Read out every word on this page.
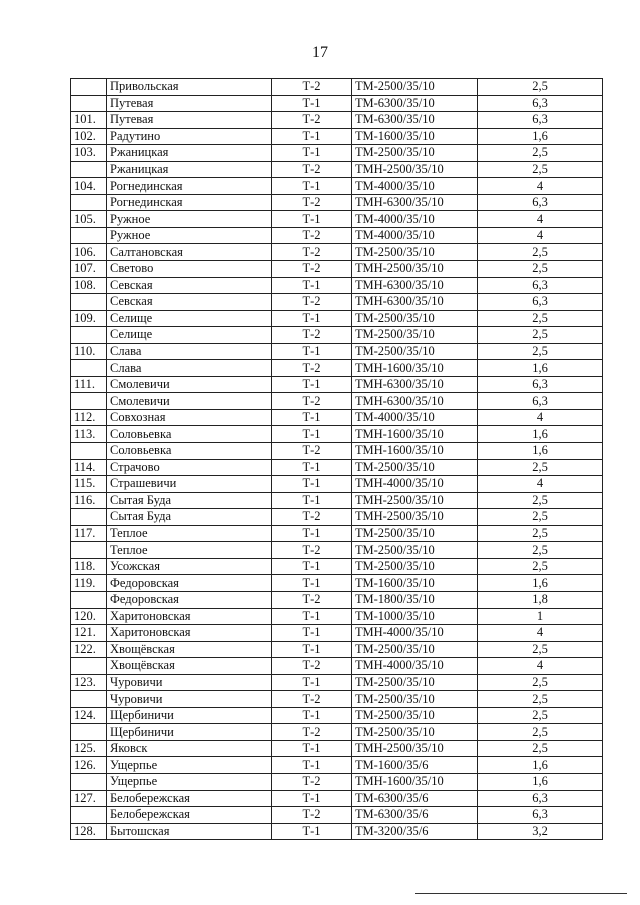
17
	Привольская	Т-2	ТМ-2500/35/10	2,5
	Путевая	Т-1	ТМ-6300/35/10	6,3
101.	Путевая	Т-2	ТМ-6300/35/10	6,3
102.	Радутино	Т-1	ТМ-1600/35/10	1,6
103.	Ржаницкая	Т-1	ТМ-2500/35/10	2,5
	Ржаницкая	Т-2	ТМН-2500/35/10	2,5
104.	Рогнединская	Т-1	ТМ-4000/35/10	4
	Рогнединская	Т-2	ТМН-6300/35/10	6,3
105.	Ружное	Т-1	ТМ-4000/35/10	4
	Ружное	Т-2	ТМ-4000/35/10	4
106.	Салтановская	Т-2	ТМ-2500/35/10	2,5
107.	Светово	Т-2	ТМН-2500/35/10	2,5
108.	Севская	Т-1	ТМН-6300/35/10	6,3
	Севская	Т-2	ТМН-6300/35/10	6,3
109.	Селище	Т-1	ТМ-2500/35/10	2,5
	Селище	Т-2	ТМ-2500/35/10	2,5
110.	Слава	Т-1	ТМ-2500/35/10	2,5
	Слава	Т-2	ТМН-1600/35/10	1,6
111.	Смолевичи	Т-1	ТМН-6300/35/10	6,3
	Смолевичи	Т-2	ТМН-6300/35/10	6,3
112.	Совхозная	Т-1	ТМ-4000/35/10	4
113.	Соловьевка	Т-1	ТМН-1600/35/10	1,6
	Соловьевка	Т-2	ТМН-1600/35/10	1,6
114.	Страчово	Т-1	ТМ-2500/35/10	2,5
115.	Страшевичи	Т-1	ТМН-4000/35/10	4
116.	Сытая Буда	Т-1	ТМН-2500/35/10	2,5
	Сытая Буда	Т-2	ТМН-2500/35/10	2,5
117.	Теплое	Т-1	ТМ-2500/35/10	2,5
	Теплое	Т-2	ТМ-2500/35/10	2,5
118.	Усожская	Т-1	ТМ-2500/35/10	2,5
119.	Федоровская	Т-1	ТМ-1600/35/10	1,6
	Федоровская	Т-2	ТМ-1800/35/10	1,8
120.	Харитоновская	Т-1	ТМ-1000/35/10	1
121.	Харитоновская	Т-1	ТМН-4000/35/10	4
122.	Хвощёвская	Т-1	ТМ-2500/35/10	2,5
	Хвощёвская	Т-2	ТМН-4000/35/10	4
123.	Чуровичи	Т-1	ТМ-2500/35/10	2,5
	Чуровичи	Т-2	ТМ-2500/35/10	2,5
124.	Щербиничи	Т-1	ТМ-2500/35/10	2,5
	Щербиничи	Т-2	ТМ-2500/35/10	2,5
125.	Яковск	Т-1	ТМН-2500/35/10	2,5
126.	Ущерпье	Т-1	ТМ-1600/35/6	1,6
	Ущерпье	Т-2	ТМН-1600/35/10	1,6
127.	Белобережская	Т-1	ТМ-6300/35/6	6,3
	Белобережская	Т-2	ТМ-6300/35/6	6,3
128.	Бытошская	Т-1	ТМ-3200/35/6	3,2
